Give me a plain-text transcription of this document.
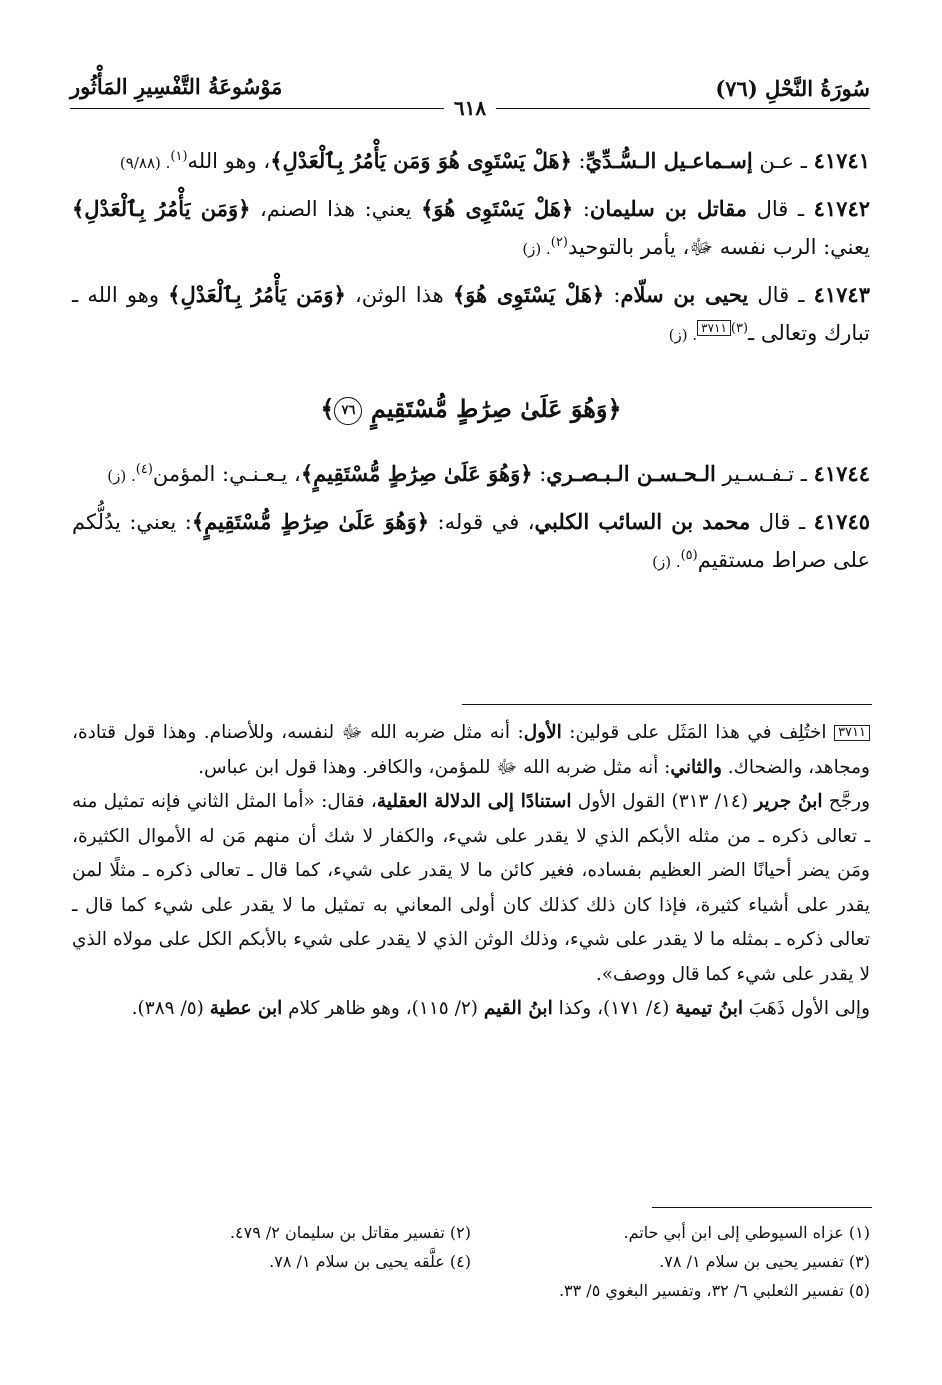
سُورَةُ النَّحْلِ (٧٦)
مَوْسُوعَةُ التَّفْسِيرِ المَأْثُور
٦١٨

٤١٧٤١ ـ عـن إسـماعـيل الـسُّـدِّيِّ: ﴿هَلْ يَسْتَوِى هُوَ وَمَن يَأْمُرُ بِٱلْعَدْلِ﴾، وهو الله$^{(١)}$. (٩/٨٨)

٤١٧٤٢ ـ قال مقاتل بن سليمان: ﴿هَلْ يَسْتَوِى هُوَ﴾ يعني: هذا الصنم، ﴿وَمَن يَأْمُرُ بِٱلْعَدْلِ﴾ يعني: الرب نفسه ﷻ، يأمر بالتوحيد$^{(٢)}$. (ز)

٤١٧٤٣ ـ قال يحيى بن سلّام: ﴿هَلْ يَسْتَوِى هُوَ﴾ هذا الوثن، ﴿وَمَن يَأْمُرُ بِٱلْعَدْلِ﴾ وهو الله ـ تبارك وتعالى ـ$^{(٣)}$٣٧١١. (ز)

﴿وَهُوَ عَلَىٰ صِرَٰطٍ مُّسْتَقِيمٍ ٧٦﴾

٤١٧٤٤ ـ تـفـسـير الـحـسـن الـبـصـري: ﴿وَهُوَ عَلَىٰ صِرَٰطٍ مُّسْتَقِيمٍ﴾، يـعـنـي: المؤمن$^{(٤)}$. (ز)

٤١٧٤٥ ـ قال محمد بن السائب الكلبي، في قوله: ﴿وَهُوَ عَلَىٰ صِرَٰطٍ مُّسْتَقِيمٍ﴾: يعني: يدُلُّكم على صراط مستقيم$^{(٥)}$. (ز)

٣٧١١ اختُلِف في هذا المَثَل على قولين: الأول: أنه مثل ضربه الله ﷻ لنفسه، وللأصنام. وهذا قول قتادة، ومجاهد، والضحاك. والثاني: أنه مثل ضربه الله ﷻ للمؤمن، والكافر. وهذا قول ابن عباس.

ورجَّح ابنُ جرير (١٤/ ٣١٣) القول الأول استنادًا إلى الدلالة العقلية، فقال: «أما المثل الثاني فإنه تمثيل منه ـ تعالى ذكره ـ من مثله الأبكم الذي لا يقدر على شيء، والكفار لا شك أن منهم مَن له الأموال الكثيرة، ومَن يضر أحيانًا الضر العظيم بفساده، فغير كائن ما لا يقدر على شيء، كما قال ـ تعالى ذكره ـ مثلًا لمن يقدر على أشياء كثيرة، فإذا كان ذلك كذلك كان أولى المعاني به تمثيل ما لا يقدر على شيء كما قال ـ تعالى ذكره ـ بمثله ما لا يقدر على شيء، وذلك الوثن الذي لا يقدر على شيء بالأبكم الكل على مولاه الذي لا يقدر على شيء كما قال ووصف».

وإلى الأول ذَهَبَ ابنُ تيمية (٤/ ١٧١)، وكذا ابنُ القيم (٢/ ١١٥)، وهو ظاهر كلام ابن عطية (٥/ ٣٨٩).

(١) عزاه السيوطي إلى ابن أبي حاتم.
(٢) تفسير مقاتل بن سليمان ٢/ ٤٧٩.
(٣) تفسير يحيى بن سلام ١/ ٧٨.
(٤) علَّقه يحيى بن سلام ١/ ٧٨.
(٥) تفسير الثعلبي ٦/ ٣٢، وتفسير البغوي ٥/ ٣٣.
